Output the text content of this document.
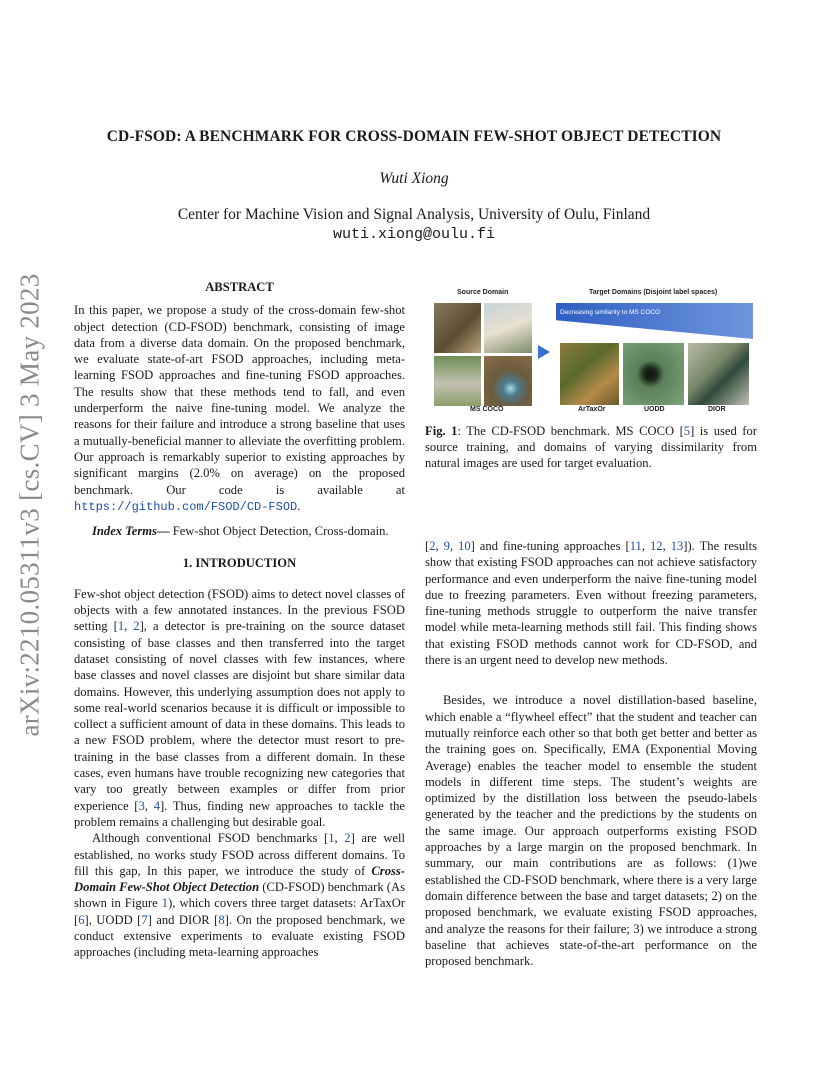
CD-FSOD: A BENCHMARK FOR CROSS-DOMAIN FEW-SHOT OBJECT DETECTION
Wuti Xiong
Center for Machine Vision and Signal Analysis, University of Oulu, Finland
wuti.xiong@oulu.fi
arXiv:2210.05311v3 [cs.CV] 3 May 2023	ABSTRACT

In this paper, we propose a study of the cross-domain few-shot object detection (CD-FSOD) benchmark, consisting of image data from a diverse data domain. On the proposed benchmark, we evaluate state-of-art FSOD approaches, including meta-learning FSOD approaches and fine-tuning FSOD approaches. The results show that these methods tend to fall, and even underperform the naive fine-tuning model. We analyze the reasons for their failure and introduce a strong baseline that uses a mutually-beneficial manner to alleviate the overfitting problem. Our approach is remarkably superior to existing approaches by significant margins (2.0% on average) on the proposed benchmark. Our code is available at https://github.com/FSOD/CD-FSOD.

Index Terms— Few-shot Object Detection, Cross-domain.

1. INTRODUCTION

Few-shot object detection (FSOD) aims to detect novel classes of objects with a few annotated instances. In the previous FSOD setting [1, 2], a detector is pre-training on the source dataset consisting of base classes and then transferred into the target dataset consisting of novel classes with few instances, where base classes and novel classes are disjoint but share similar data domains. However, this underlying assumption does not apply to some real-world scenarios because it is difficult or impossible to collect a sufficient amount of data in these domains. This leads to a new FSOD problem, where the detector must resort to pre-training in the base classes from a different domain. In these cases, even humans have trouble recognizing new categories that vary too greatly between examples or differ from prior experience [3, 4]. Thus, finding new approaches to tackle the problem remains a challenging but desirable goal.

Although conventional FSOD benchmarks [1, 2] are well established, no works study FSOD across different domains. To fill this gap, In this paper, we introduce the study of Cross-Domain Few-Shot Object Detection (CD-FSOD) benchmark (As shown in Figure 1), which covers three target datasets: ArTaxOr [6], UODD [7] and DIOR [8]. On the proposed benchmark, we conduct extensive experiments to evaluate existing FSOD approaches (including meta-learning approaches

Source Domain	Target Domains (Disjoint label spaces)
Decreasing similarity to MS COCO
MS COCO	ArTaxOr	UODD	DIOR
Fig. 1: The CD-FSOD benchmark. MS COCO [5] is used for source training, and domains of varying dissimilarity from natural images are used for target evaluation.

[2, 9, 10] and fine-tuning approaches [11, 12, 13]). The results show that existing FSOD approaches can not achieve satisfactory performance and even underperform the naive fine-tuning model due to freezing parameters. Even without freezing parameters, fine-tuning methods struggle to outperform the naive transfer model while meta-learning methods still fail. This finding shows that existing FSOD methods cannot work for CD-FSOD, and there is an urgent need to develop new methods.

Besides, we introduce a novel distillation-based baseline, which enable a “flywheel effect” that the student and teacher can mutually reinforce each other so that both get better and better as the training goes on. Specifically, EMA (Exponential Moving Average) enables the teacher model to ensemble the student models in different time steps. The student’s weights are optimized by the distillation loss between the pseudo-labels generated by the teacher and the predictions by the students on the same image. Our approach outperforms existing FSOD approaches by a large margin on the proposed benchmark. In summary, our main contributions are as follows: (1)we established the CD-FSOD benchmark, where there is a very large domain difference between the base and target datasets; 2) on the proposed benchmark, we evaluate existing FSOD approaches, and analyze the reasons for their failure; 3) we introduce a strong baseline that achieves state-of-the-art performance on the proposed benchmark.
